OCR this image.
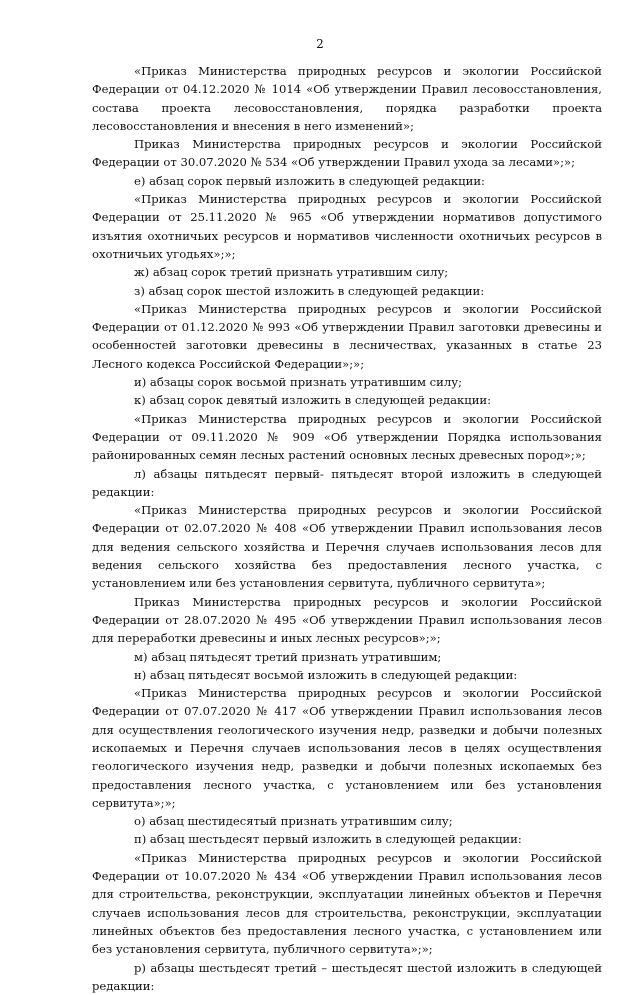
2

«Приказ Министерства природных ресурсов и экологии Российской Федерации от 04.12.2020 № 1014 «Об утверждении Правил лесовосстановления, состава проекта лесовосстановления, порядка разработки проекта лесовосстановления и внесения в него изменений»;

Приказ Министерства природных ресурсов и экологии Российской Федерации от 30.07.2020 № 534 «Об утверждении Правил ухода за лесами»;»;

е) абзац сорок первый изложить в следующей редакции:

«Приказ Министерства природных ресурсов и экологии Российской Федерации от 25.11.2020 № 965 «Об утверждении нормативов допустимого изъятия охотничьих ресурсов и нормативов численности охотничьих ресурсов в охотничьих угодьях»;»;

ж) абзац сорок третий признать утратившим силу;

з) абзац сорок шестой изложить в следующей редакции:

«Приказ Министерства природных ресурсов и экологии Российской Федерации от 01.12.2020 № 993 «Об утверждении Правил заготовки древесины и особенностей заготовки древесины в лесничествах, указанных в статье 23 Лесного кодекса Российской Федерации»;»;

и) абзацы сорок восьмой признать утратившим силу;

к) абзац сорок девятый изложить в следующей редакции:

«Приказ Министерства природных ресурсов и экологии Российской Федерации от 09.11.2020 № 909 «Об утверждении Порядка использования районированных семян лесных растений основных лесных древесных пород»;»;

л) абзацы пятьдесят первый- пятьдесят второй изложить в следующей редакции:

«Приказ Министерства природных ресурсов и экологии Российской Федерации от 02.07.2020 № 408 «Об утверждении Правил использования лесов для ведения сельского хозяйства и Перечня случаев использования лесов для ведения сельского хозяйства без предоставления лесного участка, с установлением или без установления сервитута, публичного сервитута»;

Приказ Министерства природных ресурсов и экологии Российской Федерации от 28.07.2020 № 495 «Об утверждении Правил использования лесов для переработки древесины и иных лесных ресурсов»;»;

м) абзац пятьдесят третий признать утратившим;

н) абзац пятьдесят восьмой изложить в следующей редакции:

«Приказ Министерства природных ресурсов и экологии Российской Федерации от 07.07.2020 № 417 «Об утверждении Правил использования лесов для осуществления геологического изучения недр, разведки и добычи полезных ископаемых и Перечня случаев использования лесов в целях осуществления геологического изучения недр, разведки и добычи полезных ископаемых без предоставления лесного участка, с установлением или без установления сервитута»;»;

о) абзац шестидесятый признать утратившим силу;

п) абзац шестьдесят первый изложить в следующей редакции:

«Приказ Министерства природных ресурсов и экологии Российской Федерации от 10.07.2020 № 434 «Об утверждении Правил использования лесов для строительства, реконструкции, эксплуатации линейных объектов и Перечня случаев использования лесов для строительства, реконструкции, эксплуатации линейных объектов без предоставления лесного участка, с установлением или без установления сервитута, публичного сервитута»;»;

р) абзацы шестьдесят третий – шестьдесят шестой изложить в следующей редакции:
